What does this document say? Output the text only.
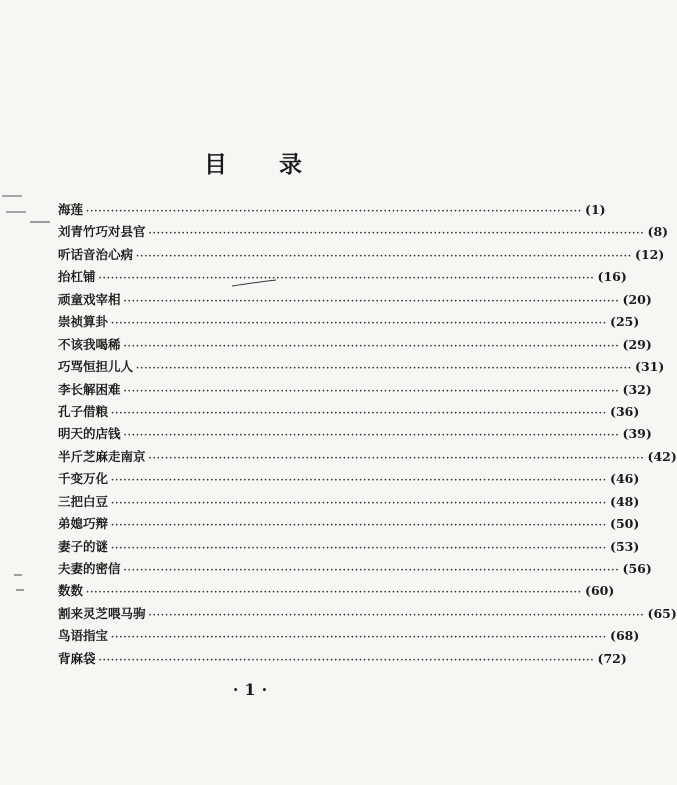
目 录
海莲 ························································································································ ( 1 )
刘青竹巧对县官 ························································································································ ( 8 )
听话音治心病 ························································································································ ( 12 )
抬杠铺 ························································································································ ( 16 )
顽童戏宰相 ························································································································ ( 20 )
崇祯算卦 ························································································································ ( 25 )
不该我喝稀 ························································································································ ( 29 )
巧骂恒担儿人 ························································································································ ( 31 )
李长解困难 ························································································································ ( 32 )
孔子借粮 ························································································································ ( 36 )
明天的店钱 ························································································································ ( 39 )
半斤芝麻走南京 ························································································································ ( 42 )
千变万化 ························································································································ ( 46 )
三把白豆 ························································································································ ( 48 )
弟媳巧辩 ························································································································ ( 50 )
妻子的谜 ························································································································ ( 53 )
夫妻的密信 ························································································································ ( 56 )
数数 ························································································································ ( 60 )
割来灵芝喂马驹 ························································································································ ( 65 )
鸟语指宝 ························································································································ ( 68 )
背麻袋 ························································································································ ( 72 )
·1·
